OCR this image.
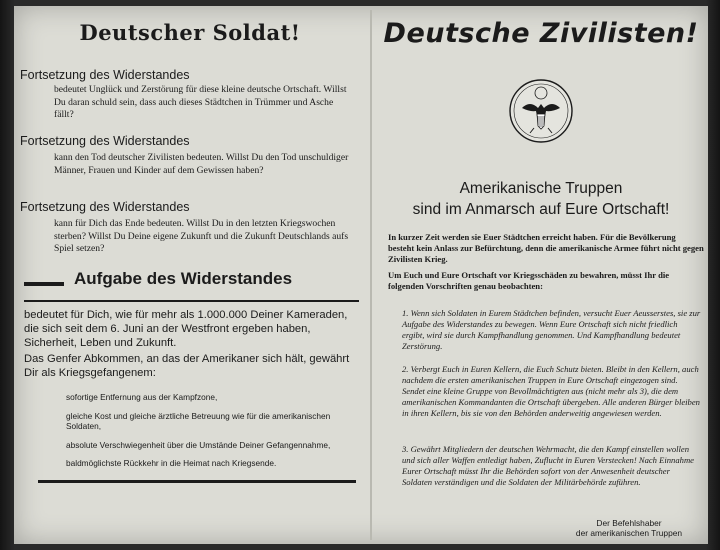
Deutscher Soldat!
Fortsetzung des Widerstandes
bedeutet Unglück und Zerstörung für diese kleine deutsche Ortschaft. Willst Du daran schuld sein, dass auch dieses Städtchen in Trümmer und Asche fällt?
Fortsetzung des Widerstandes
kann den Tod deutscher Zivilisten bedeuten. Willst Du den Tod unschuldiger Männer, Frauen und Kinder auf dem Gewissen haben?
Fortsetzung des Widerstandes
kann für Dich das Ende bedeuten. Willst Du in den letzten Kriegswochen sterben? Willst Du Deine eigene Zukunft und die Zukunft Deutschlands aufs Spiel setzen?
Aufgabe des Widerstandes
bedeutet für Dich, wie für mehr als 1.000.000 Deiner Kameraden, die sich seit dem 6. Juni an der Westfront ergeben haben, Sicherheit, Leben und Zukunft.
Das Genfer Abkommen, an das der Amerikaner sich hält, gewährt Dir als Kriegsgefangenem:
sofortige Entfernung aus der Kampfzone,
gleiche Kost und gleiche ärztliche Betreuung wie für die amerikanischen Soldaten,
absolute Verschwiegenheit über die Umstände Deiner Gefangennahme,
baldmöglichste Rückkehr in die Heimat nach Kriegsende.
Deutsche Zivilisten!
Amerikanische Truppen
sind im Anmarsch auf Eure Ortschaft!
In kurzer Zeit werden sie Euer Städtchen erreicht haben. Für die Bevölkerung besteht kein Anlass zur Befürchtung, denn die amerikanische Armee führt nicht gegen Zivilisten Krieg.
Um Euch und Eure Ortschaft vor Kriegsschäden zu bewahren, müsst Ihr die folgenden Vorschriften genau beobachten:
1. Wenn sich Soldaten in Eurem Städtchen befinden, versucht Euer Aeusserstes, sie zur Aufgabe des Widerstandes zu bewegen. Wenn Eure Ortschaft sich nicht friedlich ergibt, wird sie durch Kampfhandlung genommen. Und Kampfhandlung bedeutet Zerstörung.
2. Verbergt Euch in Euren Kellern, die Euch Schutz bieten. Bleibt in den Kellern, auch nachdem die ersten amerikanischen Truppen in Eure Ortschaft eingezogen sind. Sendet eine kleine Gruppe von Bevollmächtigten aus (nicht mehr als 3), die dem amerikanischen Kommandanten die Ortschaft übergeben. Alle anderen Bürger bleiben in ihren Kellern, bis sie von den Behörden anderweitig angewiesen werden.
3. Gewährt Mitgliedern der deutschen Wehrmacht, die den Kampf einstellen wollen und sich aller Waffen entledigt haben, Zuflucht in Euren Verstecken! Nach Einnahme Eurer Ortschaft müsst Ihr die Behörden sofort von der Anwesenheit deutscher Soldaten verständigen und die Soldaten der Militärbehörde zuführen.
Der Befehlshaber
der amerikanischen Truppen
